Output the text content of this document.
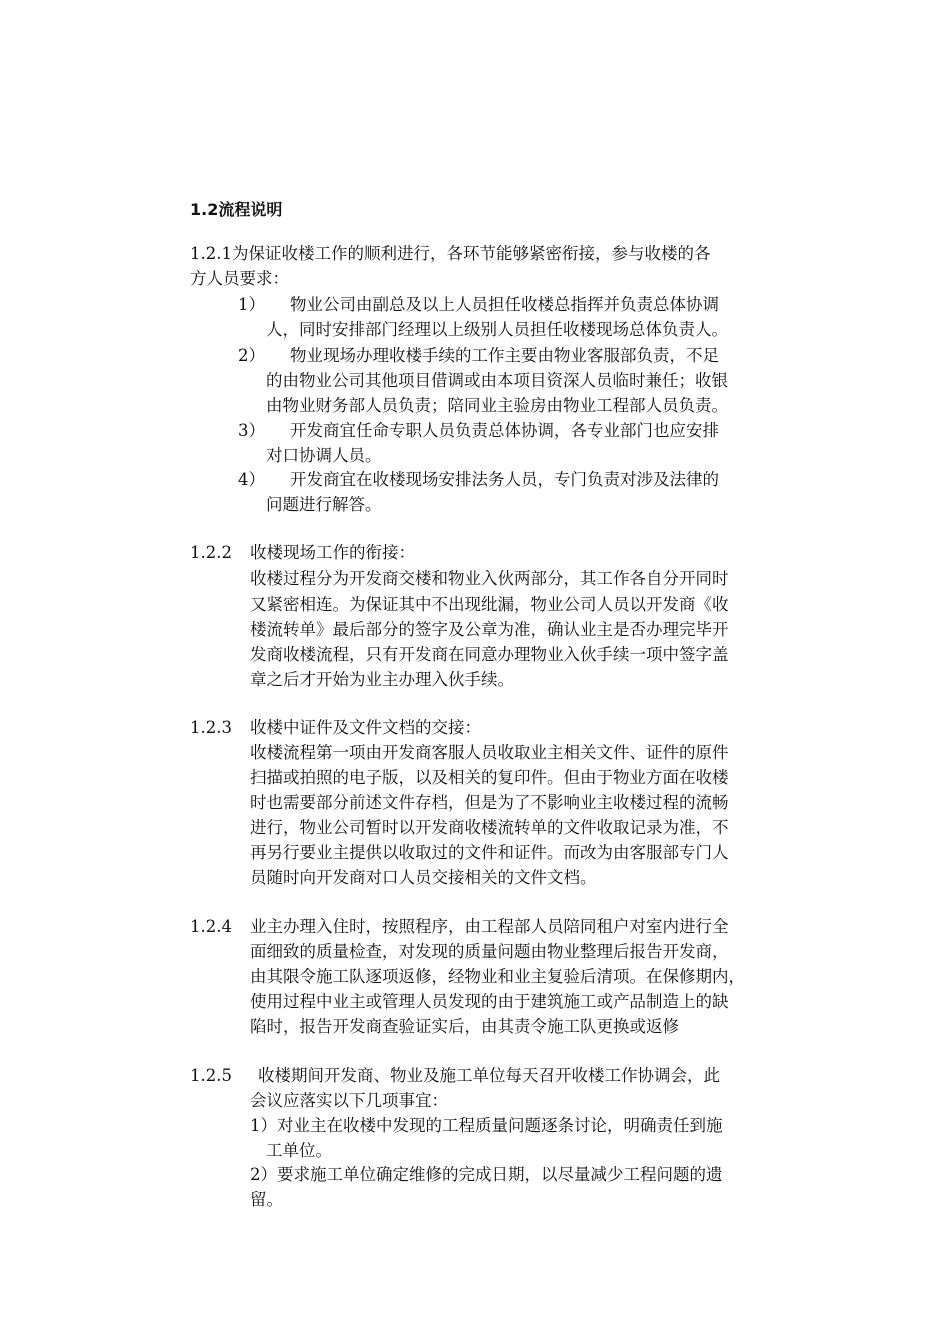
1.2流程说明
1.2.1为保证收楼工作的顺利进行，各环节能够紧密衔接，参与收楼的各
方人员要求：
1） 物业公司由副总及以上人员担任收楼总指挥并负责总体协调
人，同时安排部门经理以上级别人员担任收楼现场总体负责人。
2） 物业现场办理收楼手续的工作主要由物业客服部负责，不足
的由物业公司其他项目借调或由本项目资深人员临时兼任；收银
由物业财务部人员负责；陪同业主验房由物业工程部人员负责。
3） 开发商宜任命专职人员负责总体协调，各专业部门也应安排
对口协调人员。
4） 开发商宜在收楼现场安排法务人员，专门负责对涉及法律的
问题进行解答。
1.2.2 收楼现场工作的衔接：
收楼过程分为开发商交楼和物业入伙两部分，其工作各自分开同时
又紧密相连。为保证其中不出现纰漏，物业公司人员以开发商《收
楼流转单》最后部分的签字及公章为准，确认业主是否办理完毕开
发商收楼流程，只有开发商在同意办理物业入伙手续一项中签字盖
章之后才开始为业主办理入伙手续。
1.2.3 收楼中证件及文件文档的交接：
收楼流程第一项由开发商客服人员收取业主相关文件、证件的原件
扫描或拍照的电子版，以及相关的复印件。但由于物业方面在收楼
时也需要部分前述文件存档，但是为了不影响业主收楼过程的流畅
进行，物业公司暂时以开发商收楼流转单的文件收取记录为准，不
再另行要业主提供以收取过的文件和证件。而改为由客服部专门人
员随时向开发商对口人员交接相关的文件文档。
1.2.4 业主办理入住时，按照程序，由工程部人员陪同租户对室内进行全
面细致的质量检查，对发现的质量问题由物业整理后报告开发商，
由其限令施工队逐项返修，经物业和业主复验后清项。在保修期内，
使用过程中业主或管理人员发现的由于建筑施工或产品制造上的缺
陷时，报告开发商查验证实后，由其责令施工队更换或返修
1.2.5 收楼期间开发商、物业及施工单位每天召开收楼工作协调会，此
会议应落实以下几项事宜：
1）对业主在收楼中发现的工程质量问题逐条讨论，明确责任到施
工单位。
2）要求施工单位确定维修的完成日期，以尽量减少工程问题的遗
留。
